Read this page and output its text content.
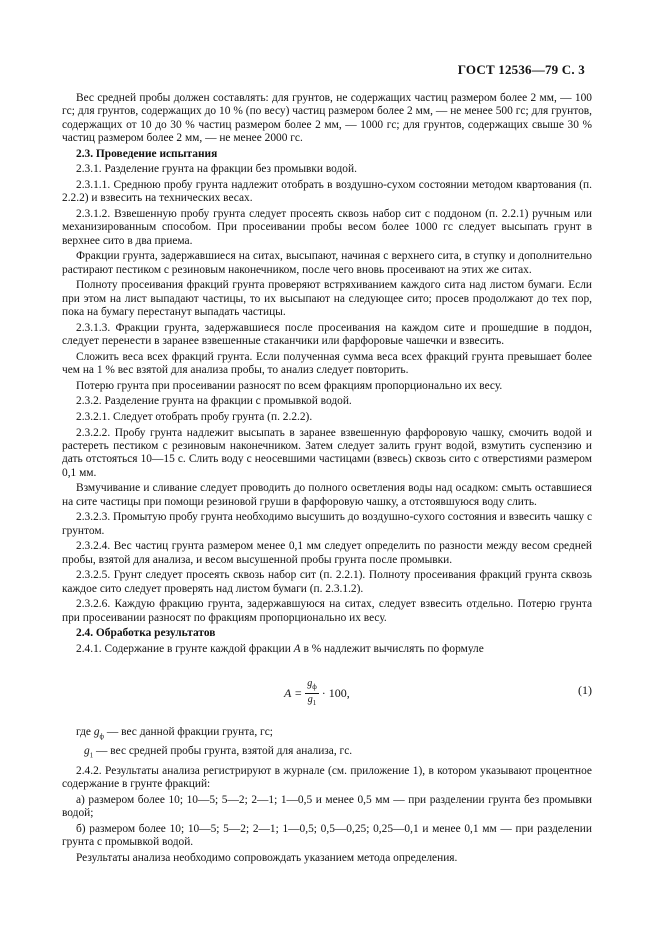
ГОСТ 12536—79 С. 3
Вес средней пробы должен составлять: для грунтов, не содержащих частиц размером более 2 мм, — 100 гс; для грунтов, содержащих до 10 % (по весу) частиц размером более 2 мм, — не менее 500 гс; для грунтов, содержащих от 10 до 30 % частиц размером более 2 мм, — 1000 гс; для грунтов, содержащих свыше 30 % частиц размером более 2 мм, — не менее 2000 гс.
2.3. Проведение испытания
2.3.1. Разделение грунта на фракции без промывки водой.
2.3.1.1. Среднюю пробу грунта надлежит отобрать в воздушно-сухом состоянии методом квартования (п. 2.2.2) и взвесить на технических весах.
2.3.1.2. Взвешенную пробу грунта следует просеять сквозь набор сит с поддоном (п. 2.2.1) ручным или механизированным способом. При просеивании пробы весом более 1000 гс следует высыпать грунт в верхнее сито в два приема.
Фракции грунта, задержавшиеся на ситах, высыпают, начиная с верхнего сита, в ступку и дополнительно растирают пестиком с резиновым наконечником, после чего вновь просеивают на этих же ситах.
Полноту просеивания фракций грунта проверяют встряхиванием каждого сита над листом бумаги. Если при этом на лист выпадают частицы, то их высыпают на следующее сито; просев продолжают до тех пор, пока на бумагу перестанут выпадать частицы.
2.3.1.3. Фракции грунта, задержавшиеся после просеивания на каждом сите и прошедшие в поддон, следует перенести в заранее взвешенные стаканчики или фарфоровые чашечки и взвесить.
Сложить веса всех фракций грунта. Если полученная сумма веса всех фракций грунта превышает более чем на 1 % вес взятой для анализа пробы, то анализ следует повторить.
Потерю грунта при просеивании разносят по всем фракциям пропорционально их весу.
2.3.2. Разделение грунта на фракции с промывкой водой.
2.3.2.1. Следует отобрать пробу грунта (п. 2.2.2).
2.3.2.2. Пробу грунта надлежит высыпать в заранее взвешенную фарфоровую чашку, смочить водой и растереть пестиком с резиновым наконечником. Затем следует залить грунт водой, взмутить суспензию и дать отстояться 10—15 с. Слить воду с неосевшими частицами (взвесь) сквозь сито с отверстиями размером 0,1 мм.
Взмучивание и сливание следует проводить до полного осветления воды над осадком: смыть оставшиеся на сите частицы при помощи резиновой груши в фарфоровую чашку, а отстоявшуюся воду слить.
2.3.2.3. Промытую пробу грунта необходимо высушить до воздушно-сухого состояния и взвесить чашку с грунтом.
2.3.2.4. Вес частиц грунта размером менее 0,1 мм следует определить по разности между весом средней пробы, взятой для анализа, и весом высушенной пробы грунта после промывки.
2.3.2.5. Грунт следует просеять сквозь набор сит (п. 2.2.1). Полноту просеивания фракций грунта сквозь каждое сито следует проверять над листом бумаги (п. 2.3.1.2).
2.3.2.6. Каждую фракцию грунта, задержавшуюся на ситах, следует взвесить отдельно. Потерю грунта при просеивании разносят по фракциям пропорционально их весу.
2.4. Обработка результатов
2.4.1. Содержание в грунте каждой фракции A в % надлежит вычислять по формуле
$A = \frac{g_ф}{g_1} \cdot 100$,	(1)
где $g_ф$ — вес данной фракции грунта, гс;
$g_1$ — вес средней пробы грунта, взятой для анализа, гс.
2.4.2. Результаты анализа регистрируют в журнале (см. приложение 1), в котором указывают процентное содержание в грунте фракций:
а) размером более 10; 10—5; 5—2; 2—1; 1—0,5 и менее 0,5 мм — при разделении грунта без промывки водой;
б) размером более 10; 10—5; 5—2; 2—1; 1—0,5; 0,5—0,25; 0,25—0,1 и менее 0,1 мм — при разделении грунта с промывкой водой.
Результаты анализа необходимо сопровождать указанием метода определения.
